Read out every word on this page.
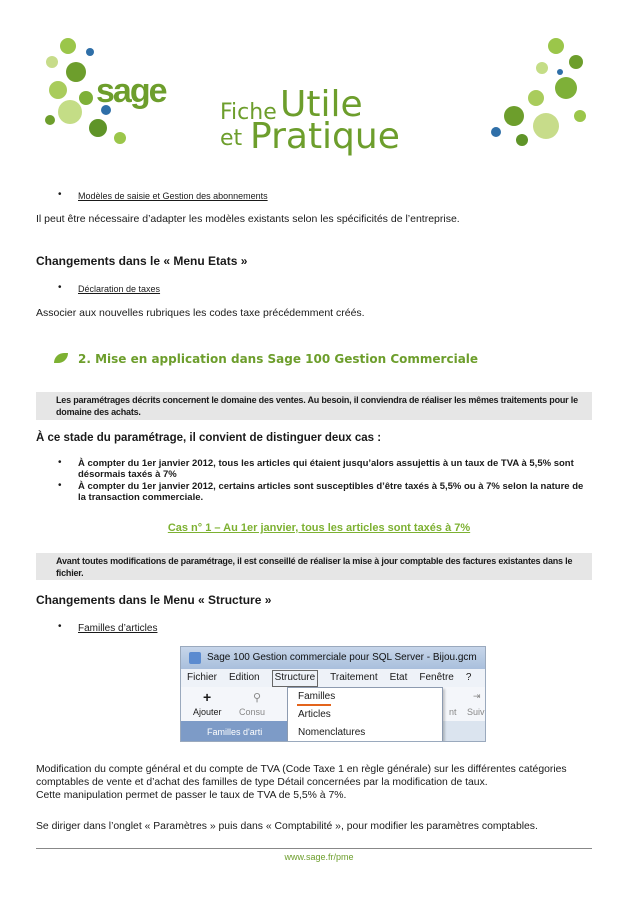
sage
Fiche Utile
et Pratique
• Modèles de saisie et Gestion des abonnements
Il peut être nécessaire d’adapter les modèles existants selon les spécificités de l’entreprise.
Changements dans le « Menu Etats »
• Déclaration de taxes
Associer aux nouvelles rubriques les codes taxe précédemment créés.
2. Mise en application dans Sage 100 Gestion Commerciale
Les paramétrages décrits concernent le domaine des ventes. Au besoin, il conviendra de réaliser les mêmes traitements pour le domaine des achats.
À ce stade du paramétrage, il convient de distinguer deux cas :
• À compter du 1er janvier 2012, tous les articles qui étaient jusqu’alors assujettis à un taux de TVA à 5,5% sont désormais taxés à 7%
• À compter du 1er janvier 2012, certains articles sont susceptibles d’être taxés à 5,5% ou à 7% selon la nature de la transaction commerciale.
Cas n° 1 – Au 1er janvier, tous les articles sont taxés à 7%
Avant toutes modifications de paramétrage, il est conseillé de réaliser la mise à jour comptable des factures existantes dans le fichier.
Changements dans le Menu « Structure »
• Familles d’articles
Sage 100 Gestion commerciale pour SQL Server - Bijou.gcm
Fichier Edition	Structure	Traitement Etat Fenêtre ?
+
Ajouter
⚲
Consu	nt Suiv
⇥
Familles d'arti
Familles
Articles
Nomenclatures
Modification du compte général et du compte de TVA (Code Taxe 1 en règle générale) sur les différentes catégories comptables de vente et d’achat des familles de type Détail concernées par la modification de taux.
Cette manipulation permet de passer le taux de TVA de 5,5% à 7%.
Se diriger dans l’onglet « Paramètres » puis dans « Comptabilité », pour modifier les paramètres comptables.
www.sage.fr/pme
